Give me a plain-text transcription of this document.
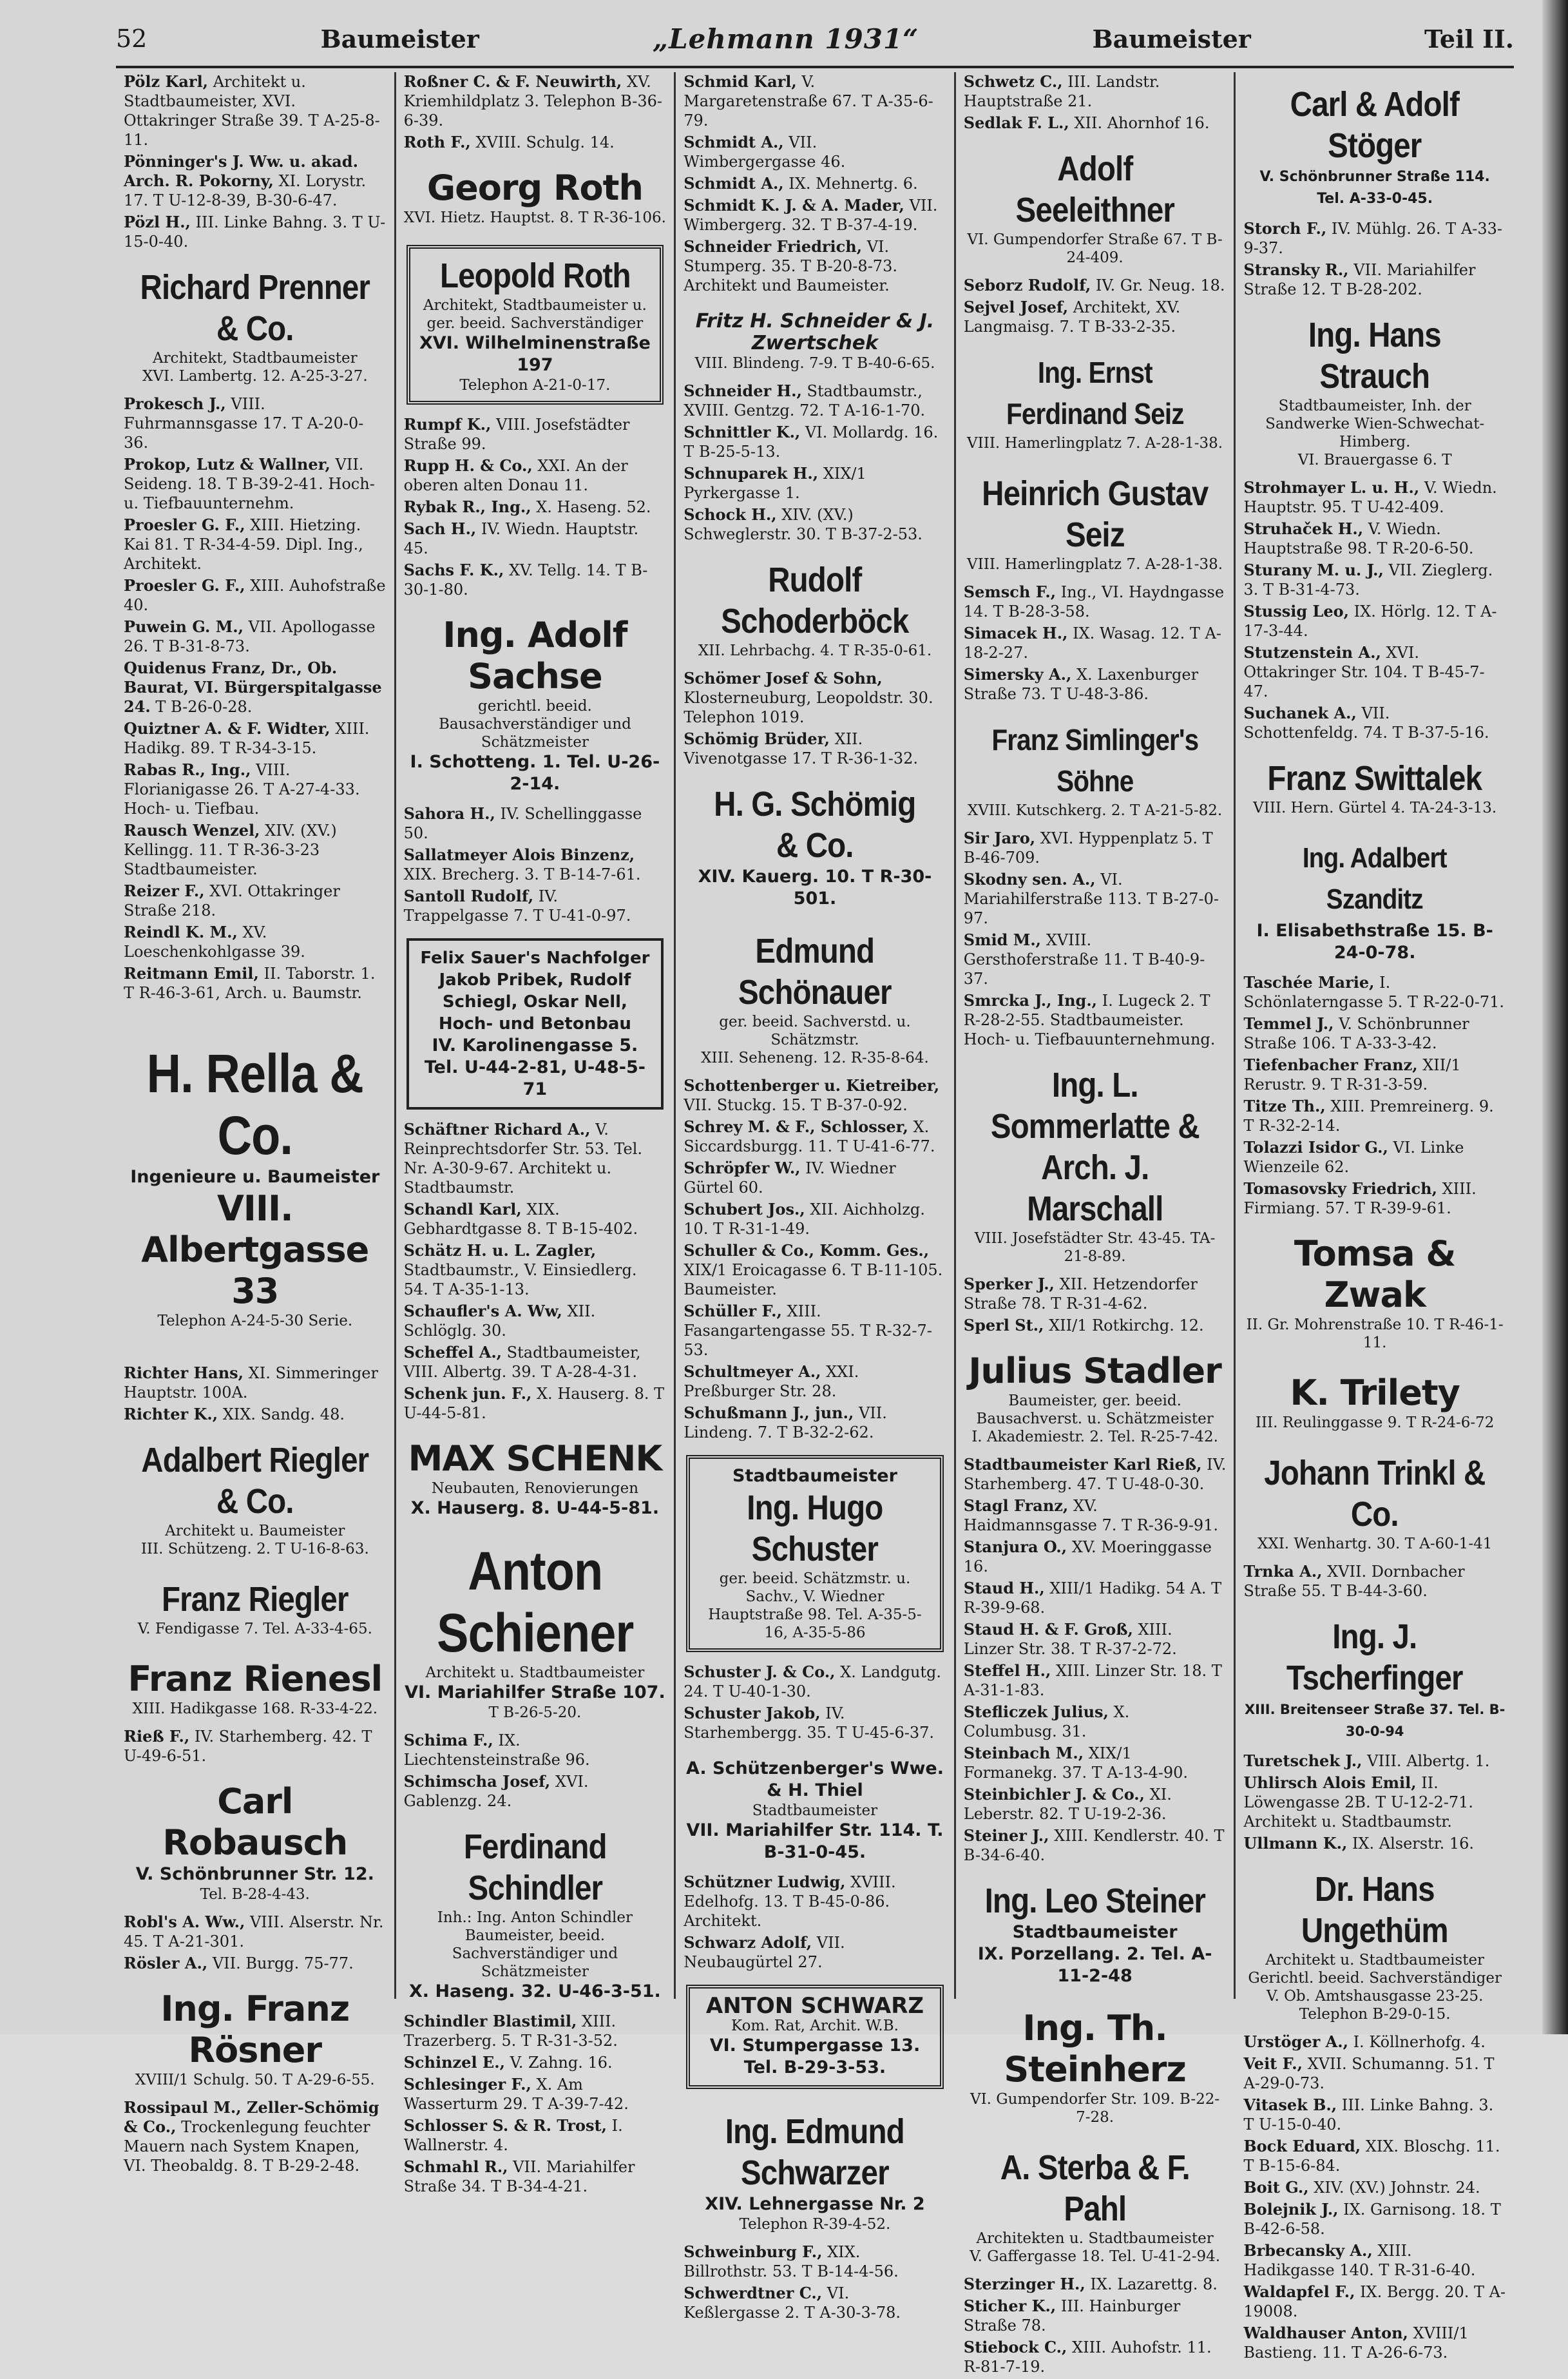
52	Baumeister	„Lehmann 1931“	Baumeister	Teil II.

Pölz Karl, Architekt u. Stadtbaumeister, XVI. Ottakringer Straße 39. T A-25-8-11.

Pönninger's J. Ww. u. akad. Arch. R. Pokorny, XI. Lorystr. 17. T U-12-8-39, B-30-6-47.

Pözl H., III. Linke Bahng. 3. T U-15-0-40.

Richard Prenner & Co.
Architekt, Stadtbaumeister
XVI. Lambertg. 12. A-25-3-27.

Prokesch J., VIII. Fuhrmannsgasse 17. T A-20-0-36.

Prokop, Lutz & Wallner, VII. Seideng. 18. T B-39-2-41. Hoch- u. Tiefbauunternehm.

Proesler G. F., XIII. Hietzing. Kai 81. T R-34-4-59. Dipl. Ing., Architekt.

Proesler G. F., XIII. Auhofstraße 40.

Puwein G. M., VII. Apollogasse 26. T B-31-8-73.

Quidenus Franz, Dr., Ob. Baurat, VI. Bürgerspitalgasse 24. T B-26-0-28.

Quiztner A. & F. Widter, XIII. Hadikg. 89. T R-34-3-15.

Rabas R., Ing., VIII. Florianigasse 26. T A-27-4-33. Hoch- u. Tiefbau.

Rausch Wenzel, XIV. (XV.) Kellingg. 11. T R-36-3-23 Stadtbaumeister.

Reizer F., XVI. Ottakringer Straße 218.

Reindl K. M., XV. Loeschenkohlgasse 39.

Reitmann Emil, II. Taborstr. 1. T R-46-3-61, Arch. u. Baumstr.

H. Rella & Co.
Ingenieure u. Baumeister
VIII. Albertgasse 33
Telephon A-24-5-30 Serie.

Richter Hans, XI. Simmeringer Hauptstr. 100A.

Richter K., XIX. Sandg. 48.

Adalbert Riegler & Co.
Architekt u. Baumeister
III. Schützeng. 2. T U-16-8-63.
Franz Riegler
V. Fendigasse 7. Tel. A-33-4-65.
Franz Rienesl
XIII. Hadikgasse 168. R-33-4-22.

Rieß F., IV. Starhemberg. 42. T U-49-6-51.

Carl Robausch
V. Schönbrunner Str. 12.
Tel. B-28-4-43.

Robl's A. Ww., VIII. Alserstr. Nr. 45. T A-21-301.

Rösler A., VII. Burgg. 75-77.

Ing. Franz Rösner
XVIII/1 Schulg. 50. T A-29-6-55.

Rossipaul M., Zeller-Schömig & Co., Trockenlegung feuchter Mauern nach System Knapen, VI. Theobaldg. 8. T B-29-2-48.

Roßner C. & F. Neuwirth, XV. Kriemhildplatz 3. Telephon B-36-6-39.

Roth F., XVIII. Schulg. 14.

Georg Roth
XVI. Hietz. Hauptst. 8. T R-36-106.
Leopold Roth
Architekt, Stadtbaumeister u. ger. beeid. Sachverständiger
XVI. Wilhelminenstraße 197
Telephon A-21-0-17.

Rumpf K., VIII. Josefstädter Straße 99.

Rupp H. & Co., XXI. An der oberen alten Donau 11.

Rybak R., Ing., X. Haseng. 52.

Sach H., IV. Wiedn. Hauptstr. 45.

Sachs F. K., XV. Tellg. 14. T B-30-1-80.

Ing. Adolf Sachse
gerichtl. beeid. Bausachverständiger und Schätzmeister
I. Schotteng. 1. Tel. U-26-2-14.

Sahora H., IV. Schellinggasse 50.

Sallatmeyer Alois Binzenz, XIX. Brecherg. 3. T B-14-7-61.

Santoll Rudolf, IV. Trappelgasse 7. T U-41-0-97.

Felix Sauer's Nachfolger Jakob Pribek, Rudolf Schiegl, Oskar Nell, Hoch- und Betonbau
IV. Karolinengasse 5.
Tel. U-44-2-81, U-48-5-71

Schäftner Richard A., V. Reinprechtsdorfer Str. 53. Tel. Nr. A-30-9-67. Architekt u. Stadtbaumstr.

Schandl Karl, XIX. Gebhardtgasse 8. T B-15-402.

Schätz H. u. L. Zagler, Stadtbaumstr., V. Einsiedlerg. 54. T A-35-1-13.

Schaufler's A. Ww, XII. Schlöglg. 30.

Scheffel A., Stadtbaumeister, VIII. Albertg. 39. T A-28-4-31.

Schenk jun. F., X. Hauserg. 8. T U-44-5-81.

MAX SCHENK
Neubauten, Renovierungen
X. Hauserg. 8. U-44-5-81.
Anton Schiener
Architekt u. Stadtbaumeister
VI. Mariahilfer Straße 107.
T B-26-5-20.

Schima F., IX. Liechtensteinstraße 96.

Schimscha Josef, XVI. Gablenzg. 24.

Ferdinand Schindler
Inh.: Ing. Anton Schindler Baumeister, beeid. Sachverständiger und Schätzmeister
X. Haseng. 32. U-46-3-51.

Schindler Blastimil, XIII. Trazerberg. 5. T R-31-3-52.

Schinzel E., V. Zahng. 16.

Schlesinger F., X. Am Wasserturm 29. T A-39-7-42.

Schlosser S. & R. Trost, I. Wallnerstr. 4.

Schmahl R., VII. Mariahilfer Straße 34. T B-34-4-21.

Schmid Karl, V. Margaretenstraße 67. T A-35-6-79.

Schmidt A., VII. Wimbergergasse 46.

Schmidt A., IX. Mehnertg. 6.

Schmidt K. J. & A. Mader, VII. Wimbergerg. 32. T B-37-4-19.

Schneider Friedrich, VI. Stumperg. 35. T B-20-8-73. Architekt und Baumeister.

Fritz H. Schneider & J. Zwertschek
VIII. Blindeng. 7-9. T B-40-6-65.

Schneider H., Stadtbaumstr., XVIII. Gentzg. 72. T A-16-1-70.

Schnittler K., VI. Mollardg. 16. T B-25-5-13.

Schnuparek H., XIX/1 Pyrkergasse 1.

Schock H., XIV. (XV.) Schweglerstr. 30. T B-37-2-53.

Rudolf Schoderböck
XII. Lehrbachg. 4. T R-35-0-61.

Schömer Josef & Sohn, Klosterneuburg, Leopoldstr. 30. Telephon 1019.

Schömig Brüder, XII. Vivenotgasse 17. T R-36-1-32.

H. G. Schömig & Co.
XIV. Kauerg. 10. T R-30-501.
Edmund Schönauer
ger. beeid. Sachverstd. u. Schätzmstr.
XIII. Seheneng. 12. R-35-8-64.

Schottenberger u. Kietreiber, VII. Stuckg. 15. T B-37-0-92.

Schrey M. & F., Schlosser, X. Siccardsburgg. 11. T U-41-6-77.

Schröpfer W., IV. Wiedner Gürtel 60.

Schubert Jos., XII. Aichholzg. 10. T R-31-1-49.

Schuller & Co., Komm. Ges., XIX/1 Eroicagasse 6. T B-11-105. Baumeister.

Schüller F., XIII. Fasangartengasse 55. T R-32-7-53.

Schultmeyer A., XXI. Preßburger Str. 28.

Schußmann J., jun., VII. Lindeng. 7. T B-32-2-62.

Stadtbaumeister
Ing. Hugo Schuster
ger. beeid. Schätzmstr. u. Sachv., V. Wiedner Hauptstraße 98. Tel. A-35-5-16, A-35-5-86

Schuster J. & Co., X. Landgutg. 24. T U-40-1-30.

Schuster Jakob, IV. Starhembergg. 35. T U-45-6-37.

A. Schützenberger's Wwe. & H. Thiel
Stadtbaumeister
VII. Mariahilfer Str. 114. T. B-31-0-45.

Schützner Ludwig, XVIII. Edelhofg. 13. T B-45-0-86. Architekt.

Schwarz Adolf, VII. Neubaugürtel 27.

ANTON SCHWARZ
Kom. Rat, Archit. W.B.
VI. Stumpergasse 13. Tel. B-29-3-53.
Ing. Edmund Schwarzer
XIV. Lehnergasse Nr. 2
Telephon R-39-4-52.

Schweinburg F., XIX. Billrothstr. 53. T B-14-4-56.

Schwerdtner C., VI. Keßlergasse 2. T A-30-3-78.

Schwetz C., III. Landstr. Hauptstraße 21.

Sedlak F. L., XII. Ahornhof 16.

Adolf Seeleithner
VI. Gumpendorfer Straße 67. T B-24-409.

Seborz Rudolf, IV. Gr. Neug. 18.

Sejvel Josef, Architekt, XV. Langmaisg. 7. T B-33-2-35.

Ing. Ernst Ferdinand Seiz
VIII. Hamerlingplatz 7. A-28-1-38.
Heinrich Gustav Seiz
VIII. Hamerlingplatz 7. A-28-1-38.

Semsch F., Ing., VI. Haydngasse 14. T B-28-3-58.

Simacek H., IX. Wasag. 12. T A-18-2-27.

Simersky A., X. Laxenburger Straße 73. T U-48-3-86.

Franz Simlinger's Söhne
XVIII. Kutschkerg. 2. T A-21-5-82.

Sir Jaro, XVI. Hyppenplatz 5. T B-46-709.

Skodny sen. A., VI. Mariahilferstraße 113. T B-27-0-97.

Smid M., XVIII. Gersthoferstraße 11. T B-40-9-37.

Smrcka J., Ing., I. Lugeck 2. T R-28-2-55. Stadtbaumeister. Hoch- u. Tiefbauunternehmung.

Ing. L. Sommerlatte & Arch. J. Marschall
VIII. Josefstädter Str. 43-45. TA-21-8-89.

Sperker J., XII. Hetzendorfer Straße 78. T R-31-4-62.

Sperl St., XII/1 Rotkirchg. 12.

Julius Stadler
Baumeister, ger. beeid. Bausachverst. u. Schätzmeister
I. Akademiestr. 2. Tel. R-25-7-42.

Stadtbaumeister Karl Rieß, IV. Starhemberg. 47. T U-48-0-30.

Stagl Franz, XV. Haidmannsgasse 7. T R-36-9-91.

Stanjura O., XV. Moeringgasse 16.

Staud H., XIII/1 Hadikg. 54 A. T R-39-9-68.

Staud H. & F. Groß, XIII. Linzer Str. 38. T R-37-2-72.

Steffel H., XIII. Linzer Str. 18. T A-31-1-83.

Stefliczek Julius, X. Columbusg. 31.

Steinbach M., XIX/1 Formanekg. 37. T A-13-4-90.

Steinbichler J. & Co., XI. Leberstr. 82. T U-19-2-36.

Steiner J., XIII. Kendlerstr. 40. T B-34-6-40.

Ing. Leo Steiner
Stadtbaumeister
IX. Porzellang. 2. Tel. A-11-2-48
Ing. Th. Steinherz
VI. Gumpendorfer Str. 109. B-22-7-28.
A. Sterba & F. Pahl
Architekten u. Stadtbaumeister
V. Gaffergasse 18. Tel. U-41-2-94.

Sterzinger H., IX. Lazarettg. 8.

Sticher K., III. Hainburger Straße 78.

Stiebock C., XIII. Auhofstr. 11. R-81-7-19.

Carl & Adolf Stöger
V. Schönbrunner Straße 114. Tel. A-33-0-45.

Storch F., IV. Mühlg. 26. T A-33-9-37.

Stransky R., VII. Mariahilfer Straße 12. T B-28-202.

Ing. Hans Strauch
Stadtbaumeister, Inh. der Sandwerke Wien-Schwechat-Himberg.
VI. Brauergasse 6. T

Strohmayer L. u. H., V. Wiedn. Hauptstr. 95. T U-42-409.

Struhaček H., V. Wiedn. Hauptstraße 98. T R-20-6-50.

Sturany M. u. J., VII. Zieglerg. 3. T B-31-4-73.

Stussig Leo, IX. Hörlg. 12. T A-17-3-44.

Stutzenstein A., XVI. Ottakringer Str. 104. T B-45-7-47.

Suchanek A., VII. Schottenfeldg. 74. T B-37-5-16.

Franz Swittalek
VIII. Hern. Gürtel 4. TA-24-3-13.
Ing. Adalbert Szanditz
I. Elisabethstraße 15. B-24-0-78.

Taschée Marie, I. Schönlaterngasse 5. T R-22-0-71.

Temmel J., V. Schönbrunner Straße 106. T A-33-3-42.

Tiefenbacher Franz, XII/1 Rerustr. 9. T R-31-3-59.

Titze Th., XIII. Premreinerg. 9. T R-32-2-14.

Tolazzi Isidor G., VI. Linke Wienzeile 62.

Tomasovsky Friedrich, XIII. Firmiang. 57. T R-39-9-61.

Tomsa & Zwak
II. Gr. Mohrenstraße 10. T R-46-1-11.
K. Trilety
III. Reulinggasse 9. T R-24-6-72
Johann Trinkl & Co.
XXI. Wenhartg. 30. T A-60-1-41

Trnka A., XVII. Dornbacher Straße 55. T B-44-3-60.

Ing. J. Tscherfinger
XIII. Breitenseer Straße 37. Tel. B-30-0-94

Turetschek J., VIII. Albertg. 1.

Uhlirsch Alois Emil, II. Löwengasse 2B. T U-12-2-71. Architekt u. Stadtbaumstr.

Ullmann K., IX. Alserstr. 16.

Dr. Hans Ungethüm
Architekt u. Stadtbaumeister Gerichtl. beeid. Sachverständiger
V. Ob. Amtshausgasse 23-25.
Telephon B-29-0-15.

Urstöger A., I. Köllnerhofg. 4.

Veit F., XVII. Schumanng. 51. T A-29-0-73.

Vitasek B., III. Linke Bahng. 3. T U-15-0-40.

Bock Eduard, XIX. Bloschg. 11. T B-15-6-84.

Boit G., XIV. (XV.) Johnstr. 24.

Bolejnik J., IX. Garnisong. 18. T B-42-6-58.

Brbecansky A., XIII. Hadikgasse 140. T R-31-6-40.

Waldapfel F., IX. Bergg. 20. T A-19008.

Waldhauser Anton, XVIII/1 Bastieng. 11. T A-26-6-73.
